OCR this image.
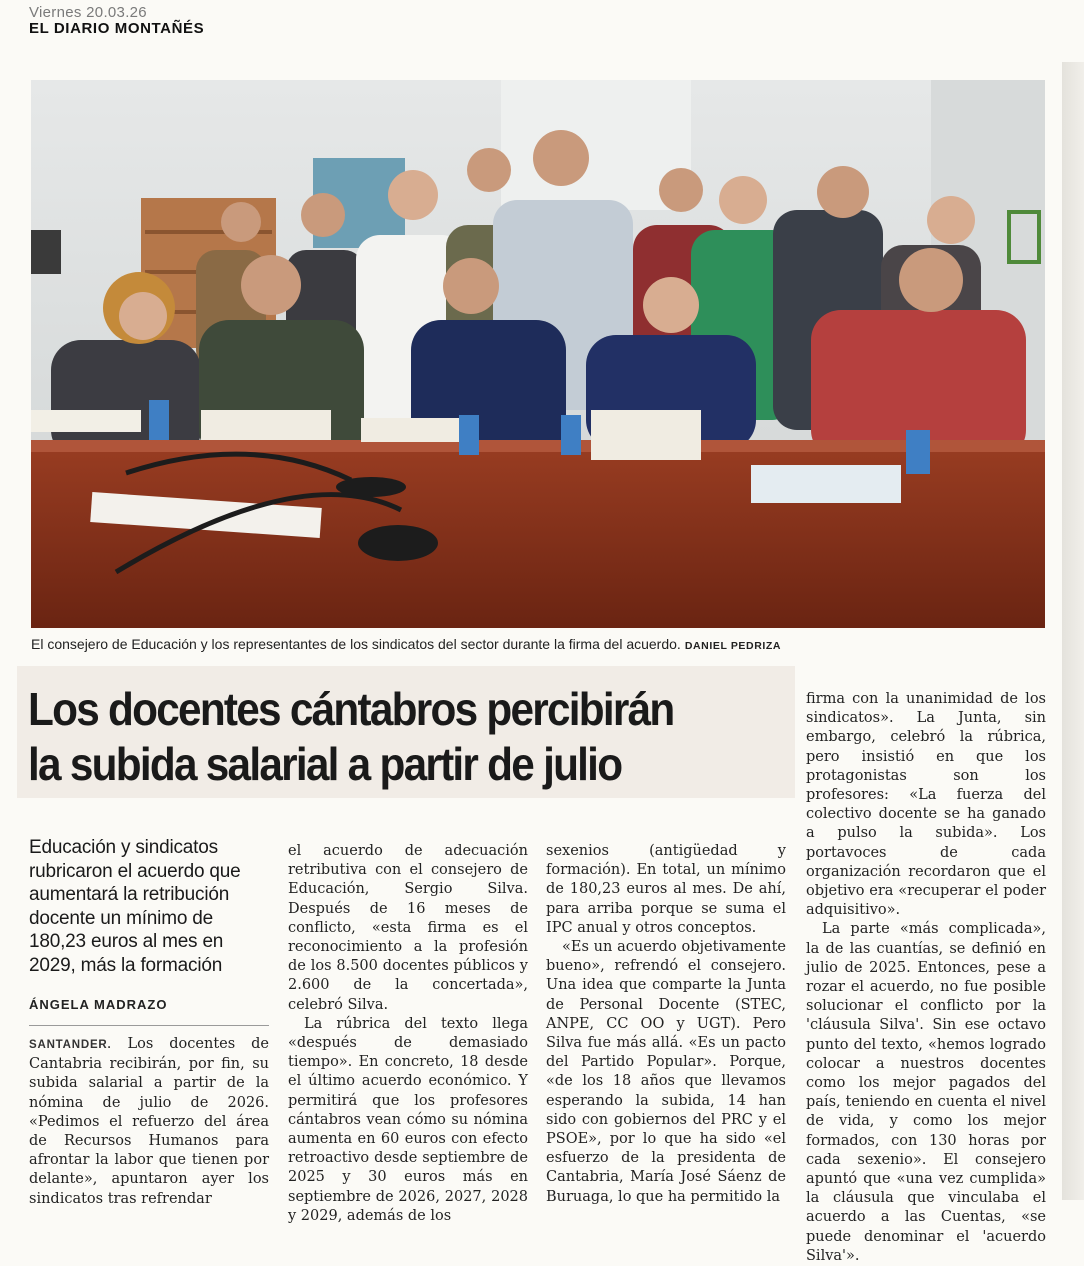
Viernes 20.03.26
EL DIARIO MONTAÑÉS
El consejero de Educación y los representantes de los sindicatos del sector durante la firma del acuerdo. DANIEL PEDRIZA
Los docentes cántabros percibirán
la subida salarial a partir de julio
Educación y sindicatos rubricaron el acuerdo que aumentará la retribución docente un mínimo de 180,23 euros al mes en 2029, más la formación
ÁNGELA MADRAZO

SANTANDER. Los docentes de Cantabria recibirán, por fin, su subida salarial a partir de la nómina de julio de 2026. «Pedimos el refuerzo del área de Recursos Humanos para afrontar la labor que tienen por delante», apuntaron ayer los sindicatos tras refrendar

el acuerdo de adecuación retributiva con el consejero de Educación, Sergio Silva. Después de 16 meses de conflicto, «esta firma es el reconocimiento a la profesión de los 8.500 docentes públicos y 2.600 de la concertada», celebró Silva.

La rúbrica del texto llega «después de demasiado tiempo». En concreto, 18 desde el último acuerdo económico. Y permitirá que los profesores cántabros vean cómo su nómina aumenta en 60 euros con efecto retroactivo desde septiembre de 2025 y 30 euros más en septiembre de 2026, 2027, 2028 y 2029, además de los

sexenios (antigüedad y formación). En total, un mínimo de 180,23 euros al mes. De ahí, para arriba porque se suma el IPC anual y otros conceptos.

«Es un acuerdo objetivamente bueno», refrendó el consejero. Una idea que comparte la Junta de Personal Docente (STEC, ANPE, CC OO y UGT). Pero Silva fue más allá. «Es un pacto del Partido Popular». Porque, «de los 18 años que llevamos esperando la subida, 14 han sido con gobiernos del PRC y el PSOE», por lo que ha sido «el esfuerzo de la presidenta de Cantabria, María José Sáenz de Buruaga, lo que ha permitido la

firma con la unanimidad de los sindicatos». La Junta, sin embargo, celebró la rúbrica, pero insistió en que los protagonistas son los profesores: «La fuerza del colectivo docente se ha ganado a pulso la subida». Los portavoces de cada organización recordaron que el objetivo era «recuperar el poder adquisitivo».

La parte «más complicada», la de las cuantías, se definió en julio de 2025. Entonces, pese a rozar el acuerdo, no fue posible solucionar el conflicto por la 'cláusula Silva'. Sin ese octavo punto del texto, «hemos logrado colocar a nuestros docentes como los mejor pagados del país, teniendo en cuenta el nivel de vida, y como los mejor formados, con 130 horas por cada sexenio». El consejero apuntó que «una vez cumplida» la cláusula que vinculaba el acuerdo a las Cuentas, «se puede denominar el 'acuerdo Silva'».
